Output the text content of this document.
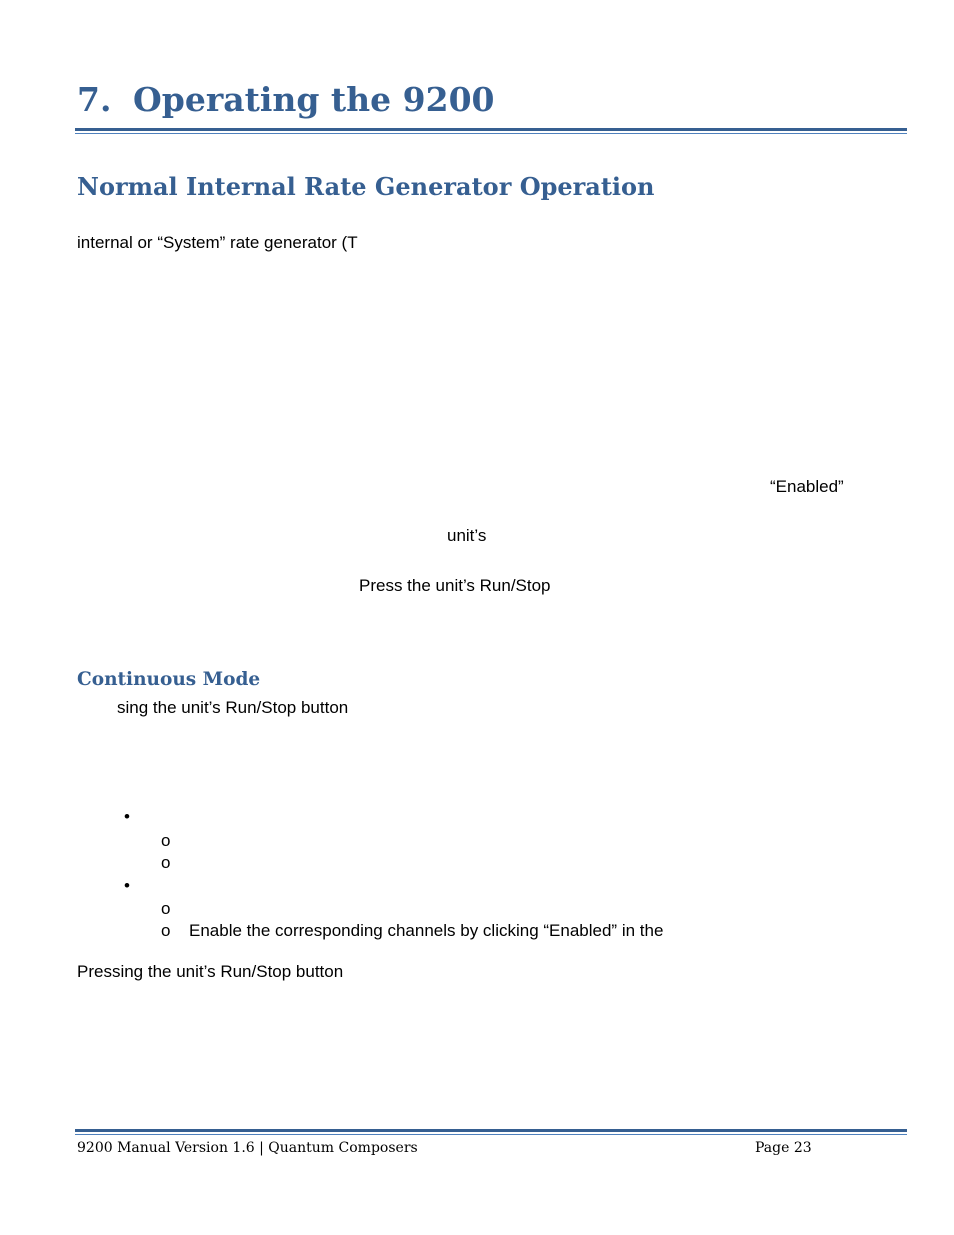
7. Operating the 9200
Normal Internal Rate Generator Operation
internal or “System” rate generator (T
“Enabled”
unit’s
Press the unit’s Run/Stop
Continuous Mode
sing the unit’s Run/Stop button
•
o
o
•
o
o Enable the corresponding channels by clicking “Enabled” in the
Pressing the unit’s Run/Stop button
9200 Manual Version 1.6 | Quantum Composers	Page 23
